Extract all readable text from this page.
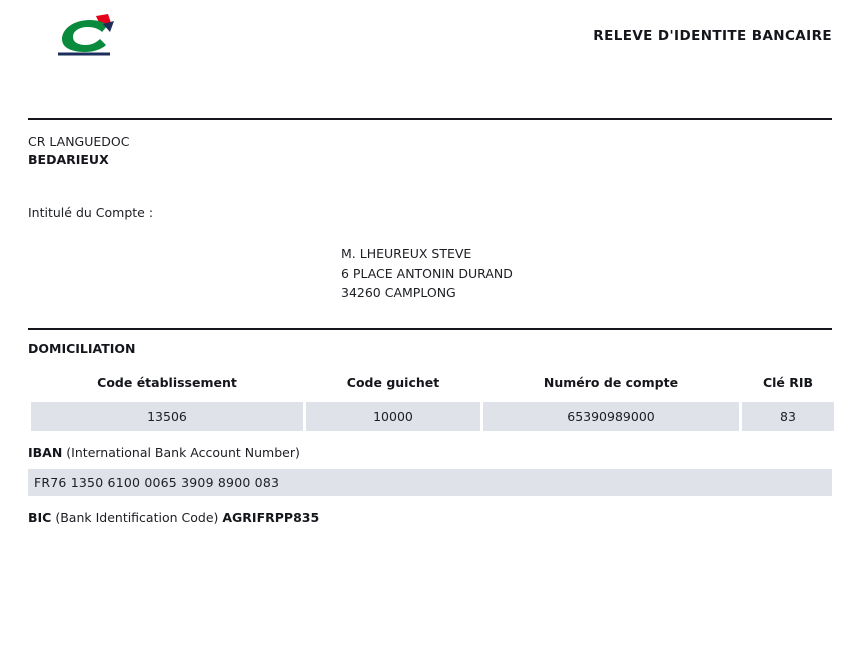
RELEVE D'IDENTITE BANCAIRE
CR LANGUEDOC
BEDARIEUX
Intitulé du Compte :
M. LHEUREUX STEVE
6 PLACE ANTONIN DURAND
34260 CAMPLONG
DOMICILIATION
Code établissement	Code guichet	Numéro de compte	Clé RIB
13506	10000	65390989000	83
IBAN (International Bank Account Number)
FR76 1350 6100 0065 3909 8900 083
BIC (Bank Identification Code) AGRIFRPP835
